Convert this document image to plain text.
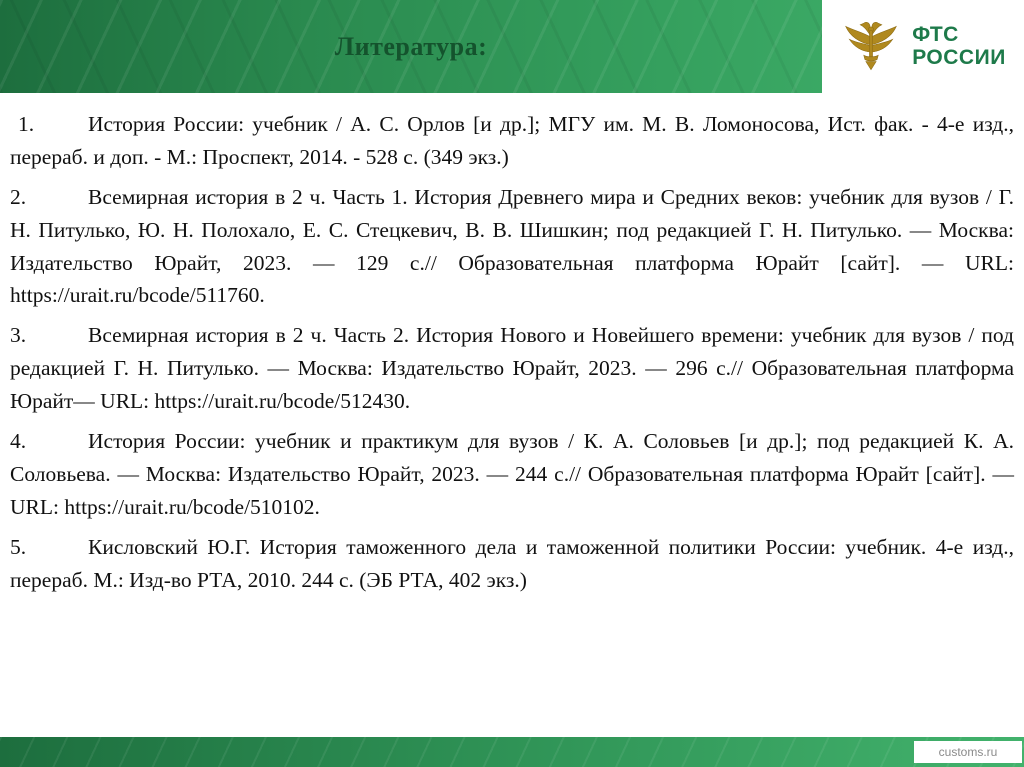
Литература:	ФТС
РОССИИ

1.	История России: учебник / А. С. Орлов [и др.]; МГУ им. М. В. Ломоносова, Ист. фак. - 4-е изд., перераб. и доп. - М.: Проспект, 2014. - 528 с. (349 экз.)

2.	Всемирная история в 2 ч. Часть 1. История Древнего мира и Средних веков: учебник для вузов / Г. Н. Питулько, Ю. Н. Полохало, Е. С. Стецкевич, В. В. Шишкин; под редакцией Г. Н. Питулько. — Москва: Издательство Юрайт, 2023. — 129 с.// Образовательная платформа Юрайт [сайт]. — URL: https://urait.ru/bcode/511760.

3.	Всемирная история в 2 ч. Часть 2. История Нового и Новейшего времени: учебник для вузов / под редакцией Г. Н. Питулько. — Москва: Издательство Юрайт, 2023. — 296 с.// Образовательная платформа Юрайт— URL: https://urait.ru/bcode/512430.

4.	История России: учебник и практикум для вузов / К. А. Соловьев [и др.]; под редакцией К. А. Соловьева. — Москва: Издательство Юрайт, 2023. — 244 с.// Образовательная платформа Юрайт [сайт]. — URL: https://urait.ru/bcode/510102.

5.	Кисловский Ю.Г. История таможенного дела и таможенной политики России: учебник. 4-е изд., перераб. М.: Изд-во РТА, 2010. 244 с. (ЭБ РТА, 402 экз.)

customs.ru
